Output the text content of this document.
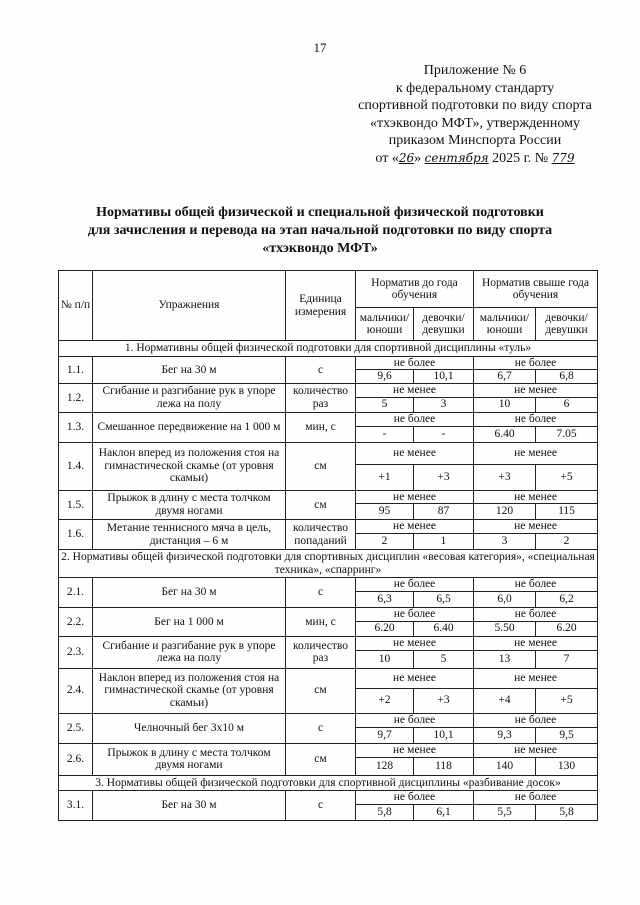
17
Приложение № 6
к федеральному стандарту
спортивной подготовки по виду спорта
«тхэквондо МФТ», утвержденному
приказом Минспорта России
от «26» сентября 2025 г. № 779
Нормативы общей физической и специальной физической подготовки
для зачисления и перевода на этап начальной подготовки по виду спорта
«тхэквондо МФТ»
№ п/п	Упражнения	Единица измерения	Норматив до года обучения		Норматив свыше года обучения	
			мальчики/ юноши	девочки/ девушки	мальчики/ юноши	девочки/ девушки
1. Нормативны общей физической подготовки для спортивной дисциплины «туль»						
1.1.	Бег на 30 м	с	не более		не более	
			9,6	10,1	6,7	6,8
1.2.	Сгибание и разгибание рук в упоре лежа на полу	количество раз	не менее		не менее	
			5	3	10	6
1.3.	Смешанное передвижение на 1 000 м	мин, с	не более		не более	
			-	-	6.40	7.05
1.4.	Наклон вперед из положения стоя на гимнастической скамье (от уровня скамьи)	см	не менее		не менее	
			+1	+3	+3	+5
1.5.	Прыжок в длину с места толчком двумя ногами	см	не менее		не менее	
			95	87	120	115
1.6.	Метание теннисного мяча в цель, дистанция – 6 м	количество попаданий	не менее		не менее	
			2	1	3	2
2. Нормативы общей физической подготовки для спортивных дисциплин «весовая категория», «специальная техника», «спарринг»						
2.1.	Бег на 30 м	с	не более		не более	
			6,3	6,5	6,0	6,2
2.2.	Бег на 1 000 м	мин, с	не более		не более	
			6.20	6.40	5.50	6.20
2.3.	Сгибание и разгибание рук в упоре лежа на полу	количество раз	не менее		не менее	
			10	5	13	7
2.4.	Наклон вперед из положения стоя на гимнастической скамье (от уровня скамьи)	см	не менее		не менее	
			+2	+3	+4	+5
2.5.	Челночный бег 3х10 м	с	не более		не более	
			9,7	10,1	9,3	9,5
2.6.	Прыжок в длину с места толчком двумя ногами	см	не менее		не менее	
			128	118	140	130
3. Нормативы общей физической подготовки для спортивной дисциплины «разбивание досок»						
3.1.	Бег на 30 м	с	не более		не более	
			5,8	6,1	5,5	5,8
